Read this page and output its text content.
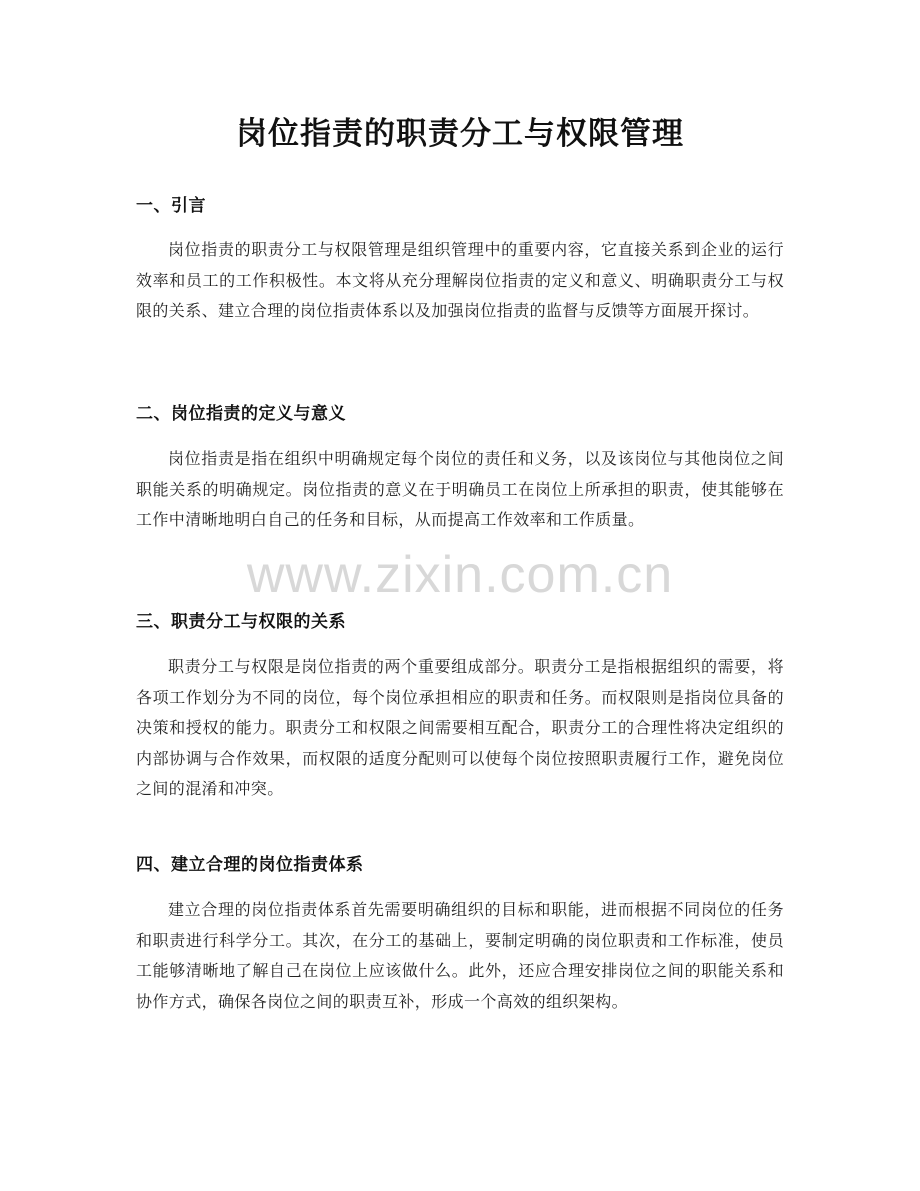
岗位指责的职责分工与权限管理
一、引言
岗位指责的职责分工与权限管理是组织管理中的重要内容，它直接关系到企业的运行效率和员工的工作积极性。本文将从充分理解岗位指责的定义和意义、明确职责分工与权限的关系、建立合理的岗位指责体系以及加强岗位指责的监督与反馈等方面展开探讨。
二、岗位指责的定义与意义
岗位指责是指在组织中明确规定每个岗位的责任和义务，以及该岗位与其他岗位之间职能关系的明确规定。岗位指责的意义在于明确员工在岗位上所承担的职责，使其能够在工作中清晰地明白自己的任务和目标，从而提高工作效率和工作质量。
三、职责分工与权限的关系
职责分工与权限是岗位指责的两个重要组成部分。职责分工是指根据组织的需要，将各项工作划分为不同的岗位，每个岗位承担相应的职责和任务。而权限则是指岗位具备的决策和授权的能力。职责分工和权限之间需要相互配合，职责分工的合理性将决定组织的内部协调与合作效果，而权限的适度分配则可以使每个岗位按照职责履行工作，避免岗位之间的混淆和冲突。
四、建立合理的岗位指责体系
建立合理的岗位指责体系首先需要明确组织的目标和职能，进而根据不同岗位的任务和职责进行科学分工。其次，在分工的基础上，要制定明确的岗位职责和工作标准，使员工能够清晰地了解自己在岗位上应该做什么。此外，还应合理安排岗位之间的职能关系和协作方式，确保各岗位之间的职责互补，形成一个高效的组织架构。
www.zixin.com.cn
